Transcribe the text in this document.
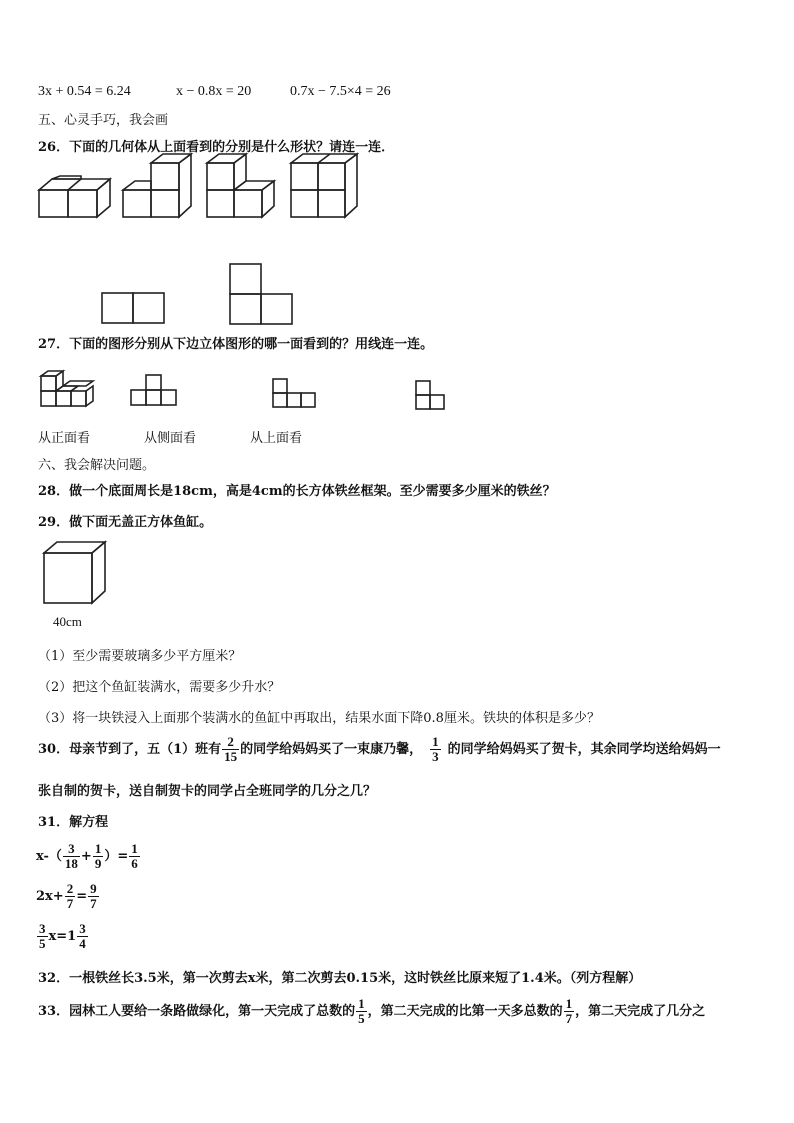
3x + 0.54 = 6.24	x − 0.8x = 20	0.7x − 7.5×4 = 26
五、心灵手巧，我会画
26．下面的几何体从上面看到的分别是什么形状？请连一连．
27．下面的图形分别从下边立体图形的哪一面看到的？用线连一连。
从正面看	从侧面看	从上面看
六、我会解决问题。
28．做一个底面周长是18cm，高是4cm的长方体铁丝框架。至少需要多少厘米的铁丝？
29．做下面无盖正方体鱼缸。
40cm
（1）至少需要玻璃多少平方厘米？
（2）把这个鱼缸装满水，需要多少升水？
（3）将一块铁浸入上面那个装满水的鱼缸中再取出，结果水面下降0.8厘米。铁块的体积是多少？
30．母亲节到了，五（1）班有 $\frac{2}{15}$ 的同学给妈妈买了一束康乃馨， $\frac{1}{3}$ 的同学给妈妈买了贺卡，其余同学均送给妈妈一
张自制的贺卡，送自制贺卡的同学占全班同学的几分之几？
31．解方程
$x-( \frac{3}{18} + \frac{1}{9}$ ）= $\frac{1}{6}$
$2x+ \frac{2}{7} = \frac{9}{7}$
$\frac{3}{5} x=1 \frac{3}{4}$
32．一根铁丝长3.5米，第一次剪去x米，第二次剪去0.15米，这时铁丝比原来短了1.4米。（列方程解）
33．园林工人要给一条路做绿化，第一天完成了总数的 $\frac{1}{5}$ ，第二天完成的比第一天多总数的 $\frac{1}{7}$ ，第二天完成了几分之
